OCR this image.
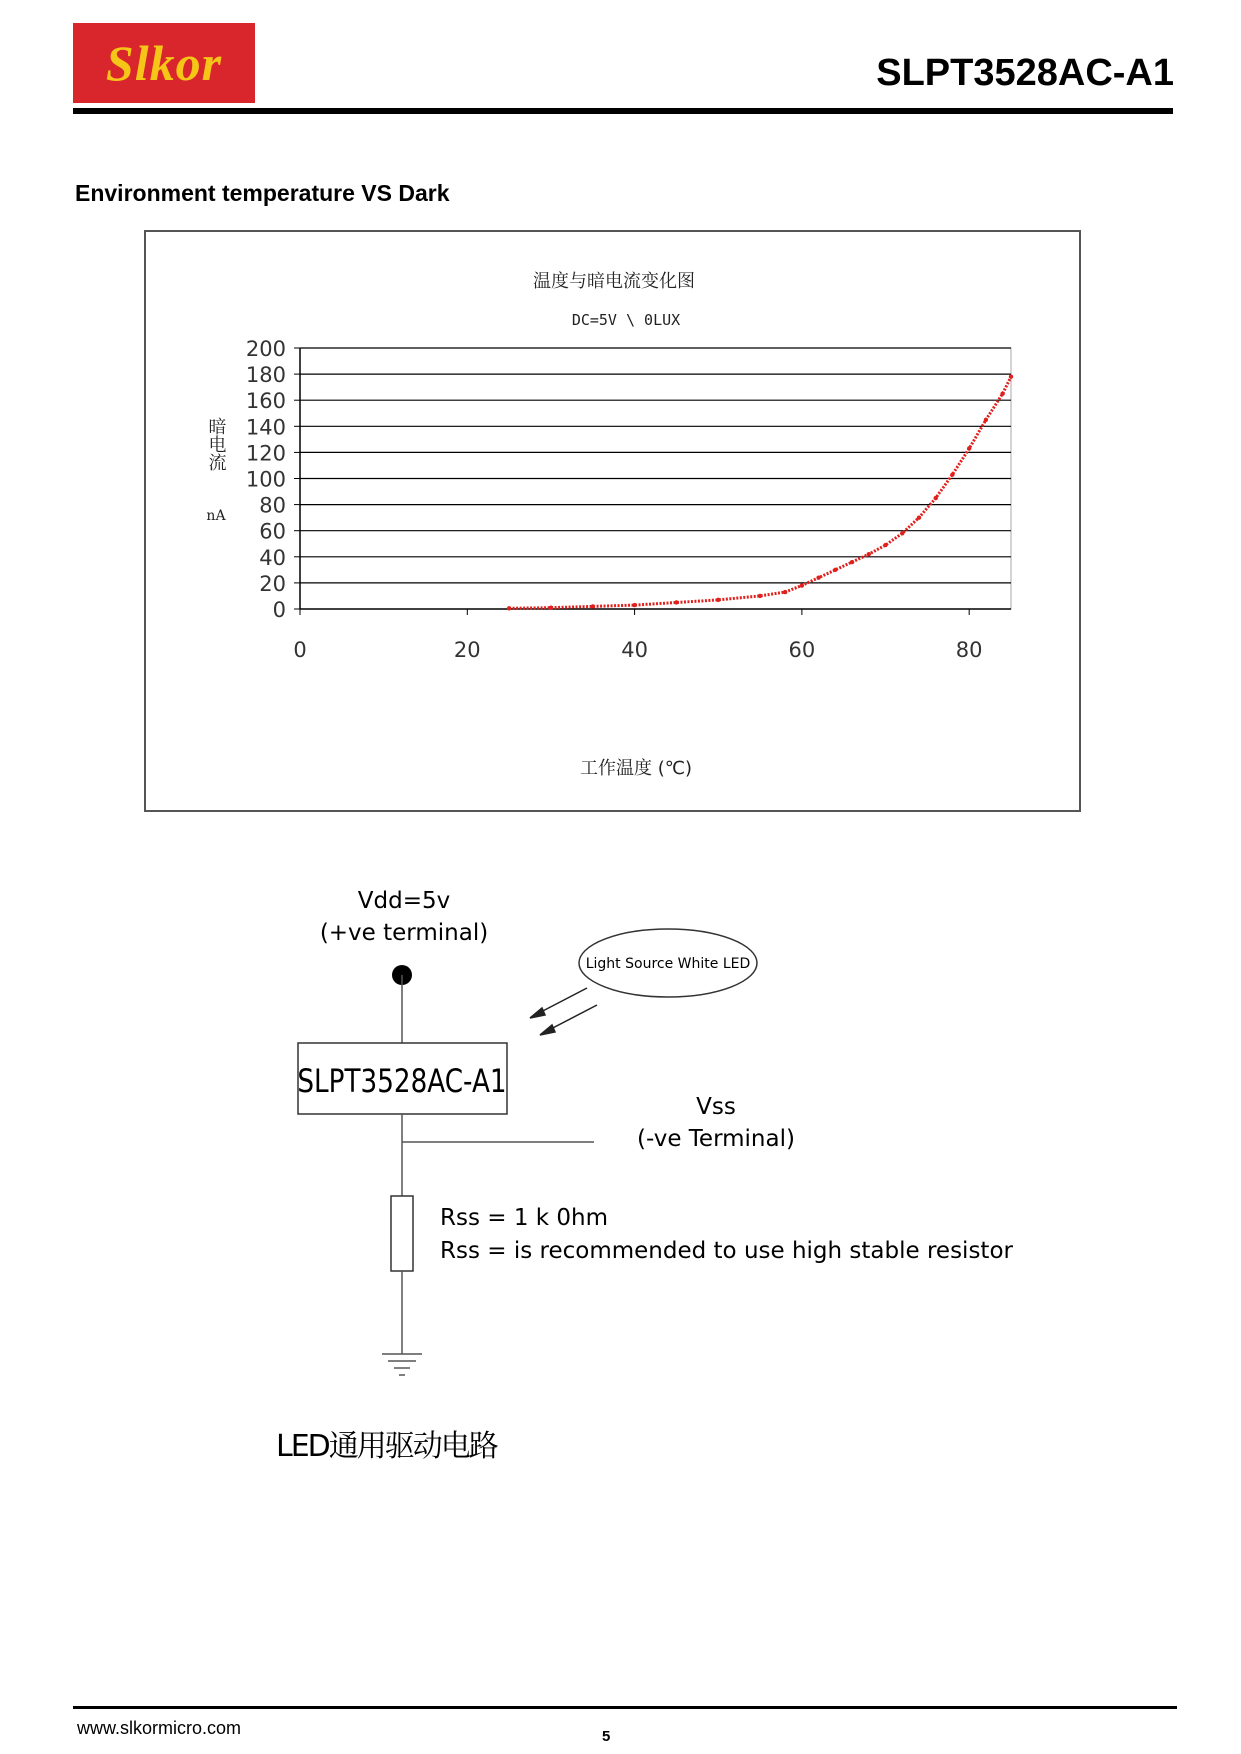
Slkor	SLPT3528AC-A1
Environment temperature VS Dark
温度与暗电流变化图
DC=5V \ 0LUX
0
20
40
60
80
100
120
140
160
180
200
0	20	40	60	80
暗电流
nA
工作温度 (℃)
Vdd=5v
(+ve terminal)
Light Source White LED
SLPT3528AC-A1
Vss
(-ve Terminal)
Rss = 1 k 0hm
Rss = is recommended to use high stable resistor
LED通用驱动电路
www.slkormicro.com	5
